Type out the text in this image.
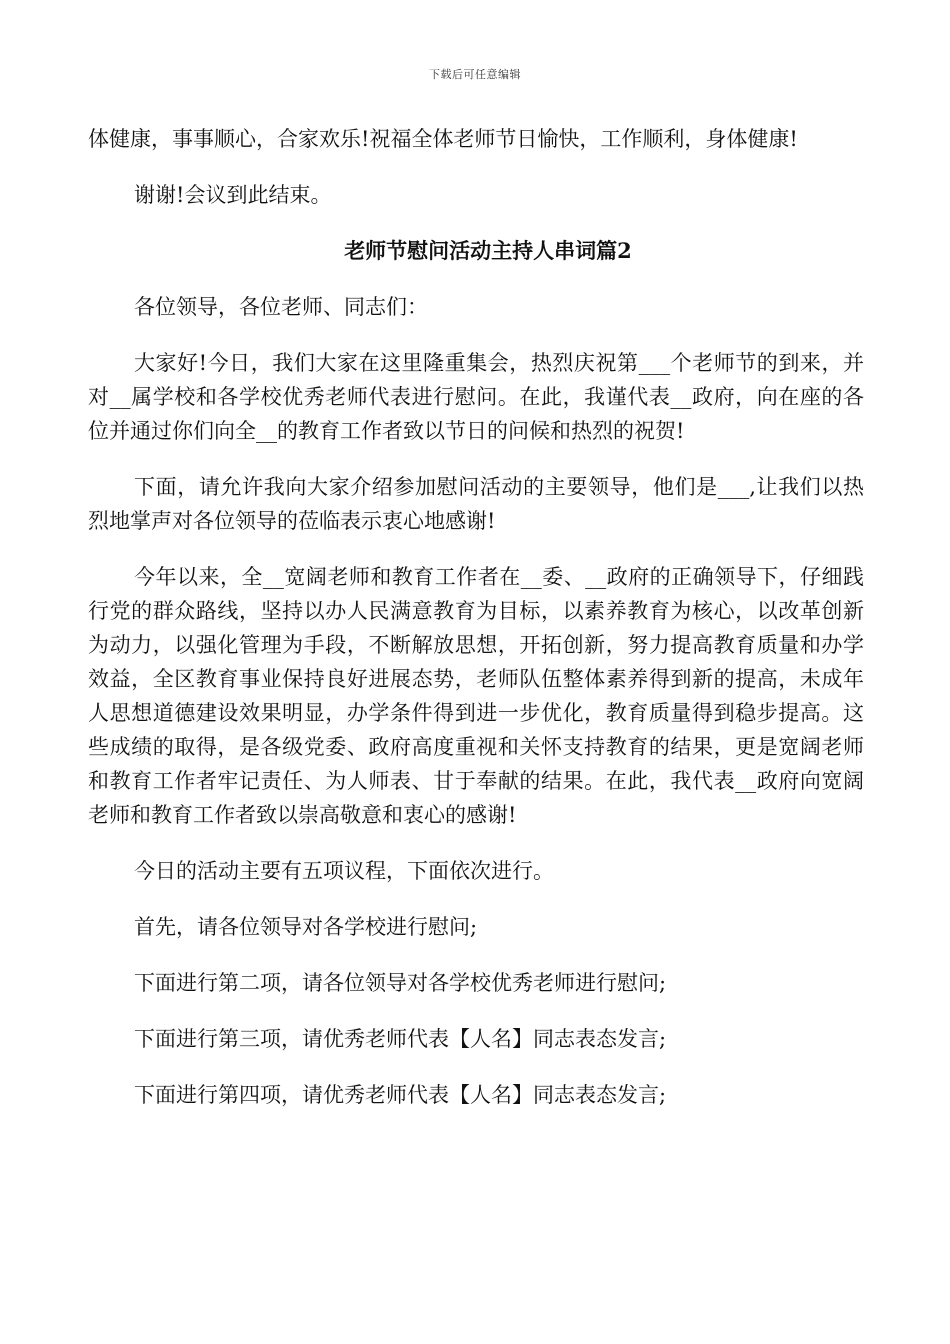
下载后可任意编辑

体健康，事事顺心，合家欢乐!祝福全体老师节日愉快，工作顺利，身体健康!

谢谢!会议到此结束。

老师节慰问活动主持人串词篇2

各位领导，各位老师、同志们：

大家好!今日，我们大家在这里隆重集会，热烈庆祝第___个老师节的到来，并对__属学校和各学校优秀老师代表进行慰问。在此，我谨代表__政府，向在座的各位并通过你们向全__的教育工作者致以节日的问候和热烈的祝贺!

下面，请允许我向大家介绍参加慰问活动的主要领导，他们是___,让我们以热烈地掌声对各位领导的莅临表示衷心地感谢!

今年以来，全__宽阔老师和教育工作者在__委、__政府的正确领导下，仔细践行党的群众路线，坚持以办人民满意教育为目标，以素养教育为核心，以改革创新为动力，以强化管理为手段，不断解放思想，开拓创新，努力提高教育质量和办学效益，全区教育事业保持良好进展态势，老师队伍整体素养得到新的提高，未成年人思想道德建设效果明显，办学条件得到进一步优化，教育质量得到稳步提高。这些成绩的取得，是各级党委、政府高度重视和关怀支持教育的结果，更是宽阔老师和教育工作者牢记责任、为人师表、甘于奉献的结果。在此，我代表__政府向宽阔老师和教育工作者致以崇高敬意和衷心的感谢!

今日的活动主要有五项议程，下面依次进行。

首先，请各位领导对各学校进行慰问;

下面进行第二项，请各位领导对各学校优秀老师进行慰问;

下面进行第三项，请优秀老师代表【人名】同志表态发言;

下面进行第四项，请优秀老师代表【人名】同志表态发言;
